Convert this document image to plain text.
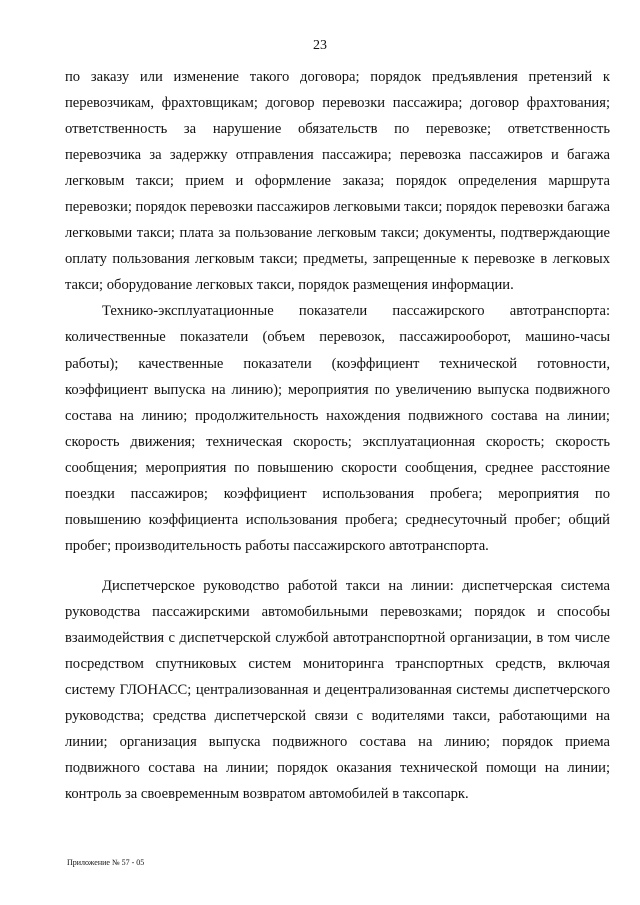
23

по заказу или изменение такого договора; порядок предъявления претензий к перевозчикам, фрахтовщикам; договор перевозки пассажира; договор фрахтования; ответственность за нарушение обязательств по перевозке; ответственность перевозчика за задержку отправления пассажира; перевозка пассажиров и багажа легковым такси; прием и оформление заказа; порядок определения маршрута перевозки; порядок перевозки пассажиров легковыми такси; порядок перевозки багажа легковыми такси; плата за пользование легковым такси; документы, подтверждающие оплату пользования легковым такси; предметы, запрещенные к перевозке в легковых такси; оборудование легковых такси, порядок размещения информации.

Технико-эксплуатационные показатели пассажирского автотранспорта: количественные показатели (объем перевозок, пассажирооборот, машино-часы работы); качественные показатели (коэффициент технической готовности, коэффициент выпуска на линию); мероприятия по увеличению выпуска подвижного состава на линию; продолжительность нахождения подвижного состава на линии; скорость движения; техническая скорость; эксплуатационная скорость; скорость сообщения; мероприятия по повышению скорости сообщения, среднее расстояние поездки пассажиров; коэффициент использования пробега; мероприятия по повышению коэффициента использования пробега; среднесуточный пробег; общий пробег; производительность работы пассажирского автотранспорта.

Диспетчерское руководство работой такси на линии: диспетчерская система руководства пассажирскими автомобильными перевозками; порядок и способы взаимодействия с диспетчерской службой автотранспортной организации, в том числе посредством спутниковых систем мониторинга транспортных средств, включая систему ГЛОНАСС; централизованная и децентрализованная системы диспетчерского руководства; средства диспетчерской связи с водителями такси, работающими на линии; организация выпуска подвижного состава на линию; порядок приема подвижного состава на линии; порядок оказания технической помощи на линии; контроль за своевременным возвратом автомобилей в таксопарк.

Приложение № 57 - 05
